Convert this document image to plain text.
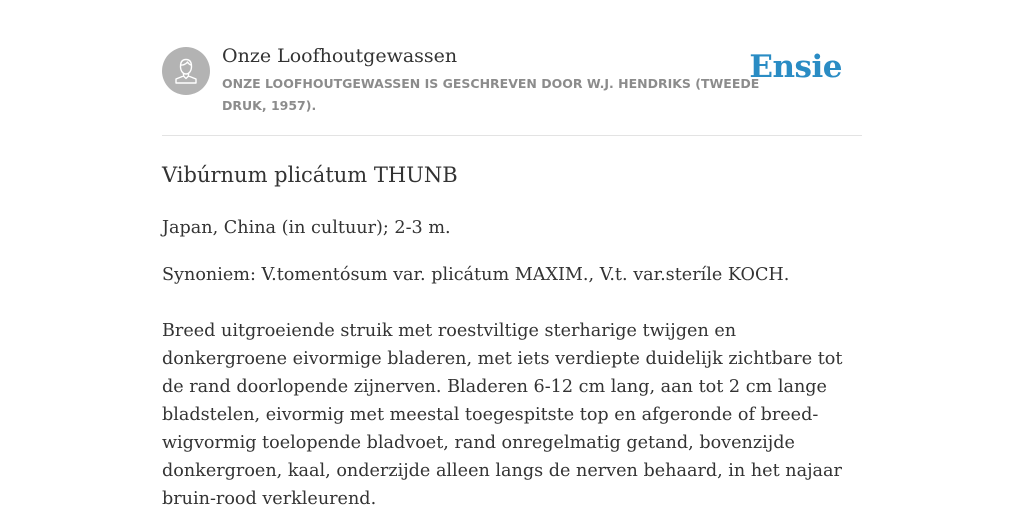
Onze Loofhoutgewassen
ONZE LOOFHOUTGEWASSEN IS GESCHREVEN DOOR W.J. HENDRIKS (TWEEDE DRUK, 1957).
Ensie
Vibúrnum plicátum THUNB

Japan, China (in cultuur); 2-3 m.

Synoniem: V.tomentósum var. plicátum MAXIM., V.t. var.steríle KOCH.

Breed uitgroeiende struik met roestviltige sterharige twijgen en donkergroene eivormige bladeren, met iets verdiepte duidelijk zichtbare tot de rand doorlopende zijnerven. Bladeren 6-12 cm lang, aan tot 2 cm lange bladstelen, eivormig met meestal toegespitste top en afgeronde of breed-wigvormig toelopende bladvoet, rand onregelmatig getand, bovenzijde donkergroen, kaal, onderzijde alleen langs de nerven behaard, in het najaar bruin-rood verkleurend.
